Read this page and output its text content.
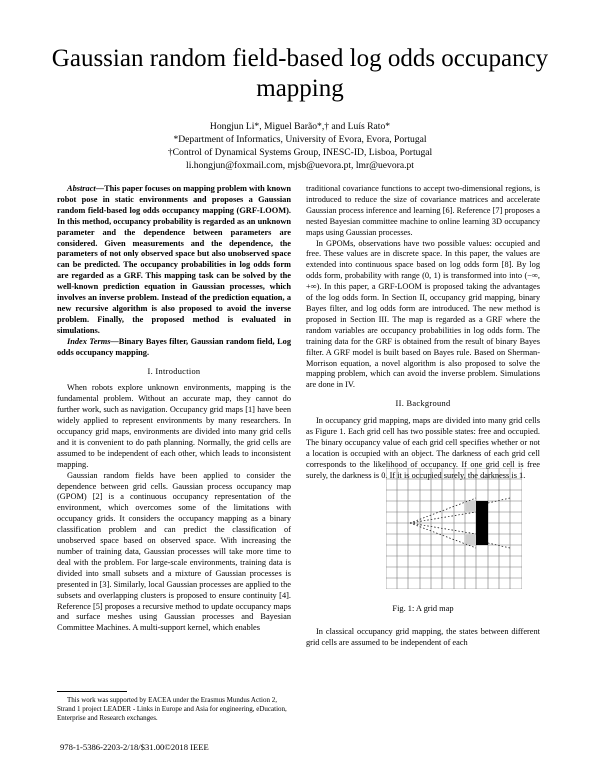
Gaussian random field-based log odds occupancy mapping
Hongjun Li*, Miguel Barão*,† and Luís Rato*
*Department of Informatics, University of Evora, Evora, Portugal
†Control of Dynamical Systems Group, INESC-ID, Lisboa, Portugal
li.hongjun@foxmail.com, mjsb@uevora.pt, lmr@uevora.pt

Abstract—This paper focuses on mapping problem with known robot pose in static environments and proposes a Gaussian random field-based log odds occupancy mapping (GRF-LOOM). In this method, occupancy probability is regarded as an unknown parameter and the dependence between parameters are considered. Given measurements and the dependence, the parameters of not only observed space but also unobserved space can be predicted. The occupancy probabilities in log odds form are regarded as a GRF. This mapping task can be solved by the well-known prediction equation in Gaussian processes, which involves an inverse problem. Instead of the prediction equation, a new recursive algorithm is also proposed to avoid the inverse problem. Finally, the proposed method is evaluated in simulations.

Index Terms—Binary Bayes filter, Gaussian random field, Log odds occupancy mapping.

I. Introduction

When robots explore unknown environments, mapping is the fundamental problem. Without an accurate map, they cannot do further work, such as navigation. Occupancy grid maps [1] have been widely applied to represent environments by many researchers. In occupancy grid maps, environments are divided into many grid cells and it is convenient to do path planning. Normally, the grid cells are assumed to be independent of each other, which leads to inconsistent mapping.

Gaussian random fields have been applied to consider the dependence between grid cells. Gaussian process occupancy map (GPOM) [2] is a continuous occupancy representation of the environment, which overcomes some of the limitations with occupancy grids. It considers the occupancy mapping as a binary classification problem and can predict the classification of unobserved space based on observed space. With increasing the number of training data, Gaussian processes will take more time to deal with the problem. For large-scale environments, training data is divided into small subsets and a mixture of Gaussian processes is presented in [3]. Similarly, local Gaussian processes are applied to the subsets and overlapping clusters is proposed to ensure continuity [4]. Reference [5] proposes a recursive method to update occupancy maps and surface meshes using Gaussian processes and Bayesian Committee Machines. A multi-support kernel, which enables

This work was supported by EACEA under the Erasmus Mundus Action 2, Strand 1 project LEADER - Links in Europe and Asia for engineering, eDucation, Enterprise and Research exchanges.
978-1-5386-2203-2/18/$31.00©2018 IEEE

traditional covariance functions to accept two-dimensional regions, is introduced to reduce the size of covariance matrices and accelerate Gaussian process inference and learning [6]. Reference [7] proposes a nested Bayesian committee machine to online learning 3D occupancy maps using Gaussian processes.

In GPOMs, observations have two possible values: occupied and free. These values are in discrete space. In this paper, the values are extended into continuous space based on log odds form [8]. By log odds form, probability with range (0, 1) is transformed into into (−∞, +∞). In this paper, a GRF-LOOM is proposed taking the advantages of the log odds form. In Section II, occupancy grid mapping, binary Bayes filter, and log odds form are introduced. The new method is proposed in Section III. The map is regarded as a GRF where the random variables are occupancy probabilities in log odds form. The training data for the GRF is obtained from the result of binary Bayes filter. A GRF model is built based on Bayes rule. Based on Sherman-Morrison equation, a novel algorithm is also proposed to solve the mapping problem, which can avoid the inverse problem. Simulations are done in IV.

II. Background

In occupancy grid mapping, maps are divided into many grid cells as Figure 1. Each grid cell has two possible states: free and occupied. The binary occupancy value of each grid cell specifies whether or not a location is occupied with an object. The darkness of each grid cell corresponds to the likelihood of occupancy. If one grid cell is free surely, the darkness is 0. If it is occupied surely, the darkness is 1.

Fig. 1: A grid map

In classical occupancy grid mapping, the states between different grid cells are assumed to be independent of each
